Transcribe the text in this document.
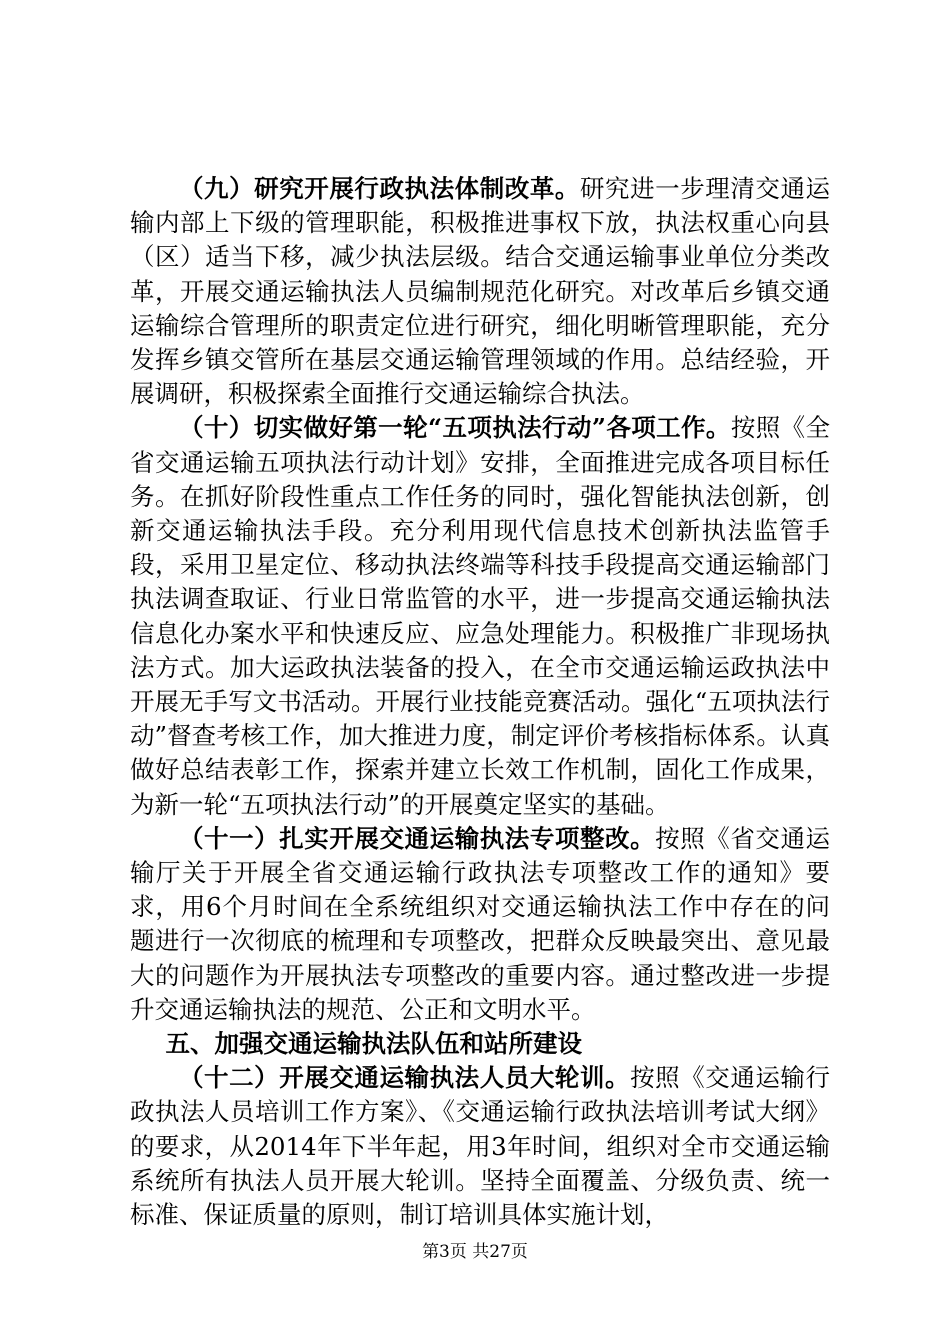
（九）研究开展行政执法体制改革。研究进一步理清交通运输内部上下级的管理职能，积极推进事权下放，执法权重心向县（区）适当下移，减少执法层级。结合交通运输事业单位分类改革，开展交通运输执法人员编制规范化研究。对改革后乡镇交通运输综合管理所的职责定位进行研究，细化明晰管理职能，充分发挥乡镇交管所在基层交通运输管理领域的作用。总结经验，开展调研，积极探索全面推行交通运输综合执法。

（十）切实做好第一轮“五项执法行动”各项工作。按照《全省交通运输五项执法行动计划》安排，全面推进完成各项目标任务。在抓好阶段性重点工作任务的同时，强化智能执法创新，创新交通运输执法手段。充分利用现代信息技术创新执法监管手段，采用卫星定位、移动执法终端等科技手段提高交通运输部门执法调查取证、行业日常监管的水平，进一步提高交通运输执法信息化办案水平和快速反应、应急处理能力。积极推广非现场执法方式。加大运政执法装备的投入，在全市交通运输运政执法中开展无手写文书活动。开展行业技能竞赛活动。强化“五项执法行动”督查考核工作，加大推进力度，制定评价考核指标体系。认真做好总结表彰工作，探索并建立长效工作机制，固化工作成果，为新一轮“五项执法行动”的开展奠定坚实的基础。

（十一）扎实开展交通运输执法专项整改。按照《省交通运输厅关于开展全省交通运输行政执法专项整改工作的通知》要求，用6个月时间在全系统组织对交通运输执法工作中存在的问题进行一次彻底的梳理和专项整改，把群众反映最突出、意见最大的问题作为开展执法专项整改的重要内容。通过整改进一步提升交通运输执法的规范、公正和文明水平。

五、加强交通运输执法队伍和站所建设

（十二）开展交通运输执法人员大轮训。按照《交通运输行政执法人员培训工作方案》、《交通运输行政执法培训考试大纲》的要求，从2014年下半年起，用3年时间，组织对全市交通运输系统所有执法人员开展大轮训。坚持全面覆盖、分级负责、统一标准、保证质量的原则，制订培训具体实施计划，

第3页 共27页
